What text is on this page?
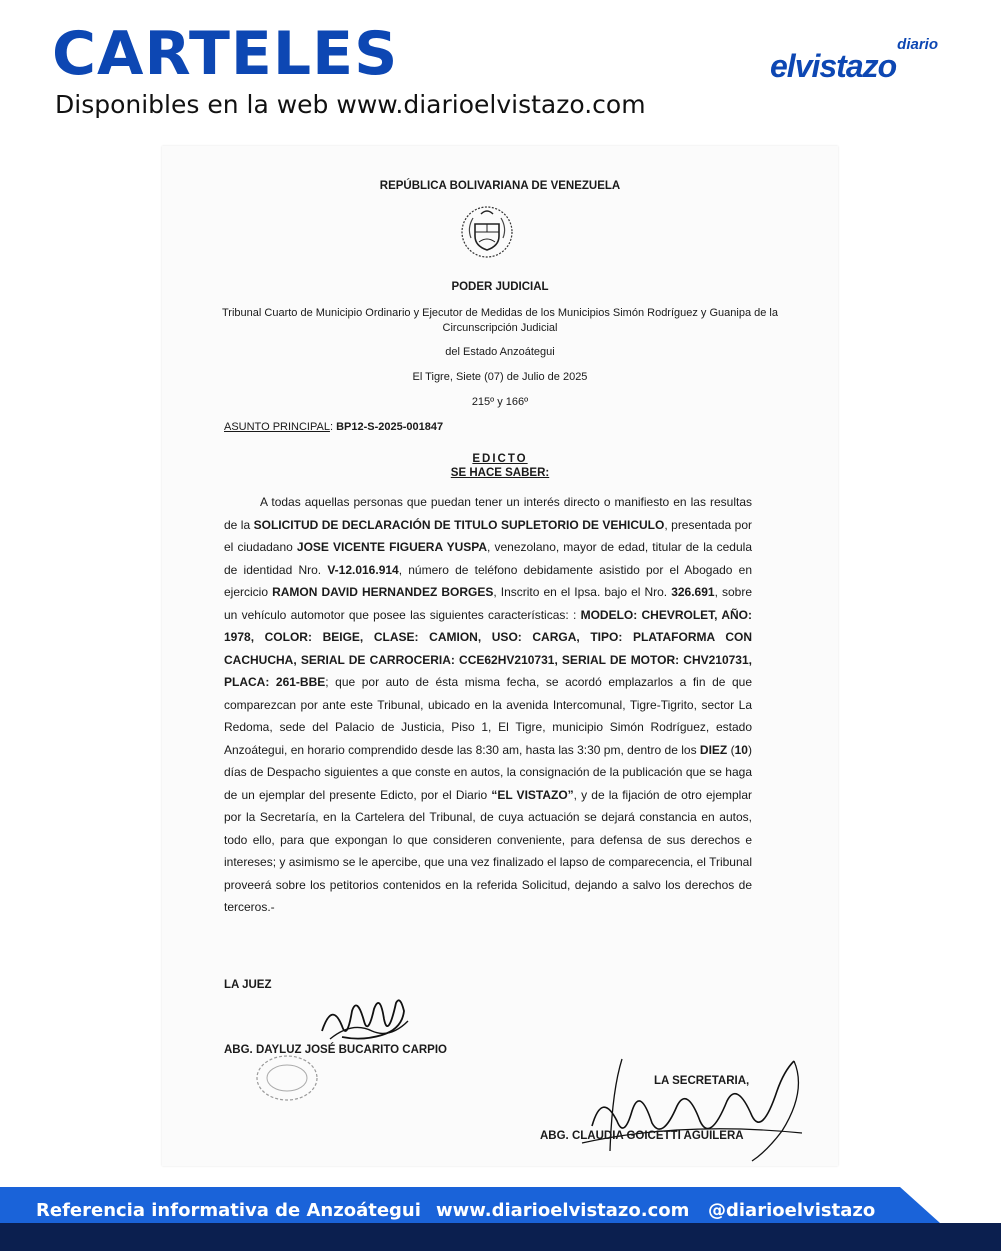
CARTELES
Disponibles en la web www.diarioelvistazo.com
diario
elvistazo
REPÚBLICA BOLIVARIANA DE VENEZUELA
PODER JUDICIAL
Tribunal Cuarto de Municipio Ordinario y Ejecutor de Medidas de los Municipios Simón Rodríguez y Guanipa de la Circunscripción Judicial
del Estado Anzoátegui
El Tigre, Siete (07) de Julio de 2025
215º y 166º
ASUNTO PRINCIPAL: BP12-S-2025-001847
EDICTO
SE HACE SABER:
A todas aquellas personas que puedan tener un interés directo o manifiesto en las resultas de la SOLICITUD DE DECLARACIÓN DE TITULO SUPLETORIO DE VEHICULO, presentada por el ciudadano JOSE VICENTE FIGUERA YUSPA, venezolano, mayor de edad, titular de la cedula de identidad Nro. V-12.016.914, número de teléfono debidamente asistido por el Abogado en ejercicio RAMON DAVID HERNANDEZ BORGES, Inscrito en el Ipsa. bajo el Nro. 326.691, sobre un vehículo automotor que posee las siguientes características: : MODELO: CHEVROLET, AÑO: 1978, COLOR: BEIGE, CLASE: CAMION, USO: CARGA, TIPO: PLATAFORMA CON CACHUCHA, SERIAL DE CARROCERIA: CCE62HV210731, SERIAL DE MOTOR: CHV210731, PLACA: 261-BBE; que por auto de ésta misma fecha, se acordó emplazarlos a fin de que comparezcan por ante este Tribunal, ubicado en la avenida Intercomunal, Tigre-Tigrito, sector La Redoma, sede del Palacio de Justicia, Piso 1, El Tigre, municipio Simón Rodríguez, estado Anzoátegui, en horario comprendido desde las 8:30 am, hasta las 3:30 pm, dentro de los DIEZ (10) días de Despacho siguientes a que conste en autos, la consignación de la publicación que se haga de un ejemplar del presente Edicto, por el Diario “EL VISTAZO”, y de la fijación de otro ejemplar por la Secretaría, en la Cartelera del Tribunal, de cuya actuación se dejará constancia en autos, todo ello, para que expongan lo que consideren conveniente, para defensa de sus derechos e intereses; y asimismo se le apercibe, que una vez finalizado el lapso de comparecencia, el Tribunal proveerá sobre los petitorios contenidos en la referida Solicitud, dejando a salvo los derechos de terceros.-
LA JUEZ
ABG. DAYLUZ JOSÉ BUCARITO CARPIO
LA SECRETARIA,
ABG. CLAUDIA GOICETTI AGUILERA
Referencia informativa de Anzoátegui www.diarioelvistazo.com @diarioelvistazo
